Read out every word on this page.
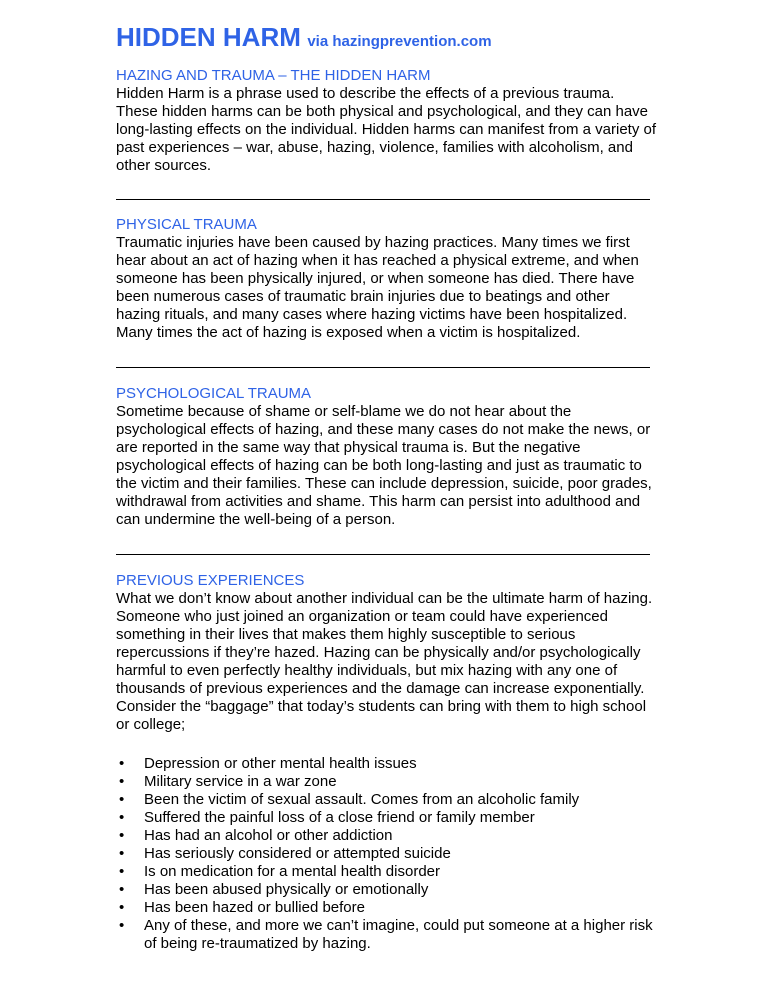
HIDDEN HARM via hazingprevention.com

HAZING AND TRAUMA – THE HIDDEN HARM

Hidden Harm is a phrase used to describe the effects of a previous trauma. These hidden harms can be both physical and psychological, and they can have long-lasting effects on the individual. Hidden harms can manifest from a variety of past experiences – war, abuse, hazing, violence, families with alcoholism, and other sources.

PHYSICAL TRAUMA

Traumatic injuries have been caused by hazing practices. Many times we first hear about an act of hazing when it has reached a physical extreme, and when someone has been physically injured, or when someone has died. There have been numerous cases of traumatic brain injuries due to beatings and other hazing rituals, and many cases where hazing victims have been hospitalized. Many times the act of hazing is exposed when a victim is hospitalized.

PSYCHOLOGICAL TRAUMA

Sometime because of shame or self-blame we do not hear about the psychological effects of hazing, and these many cases do not make the news, or are reported in the same way that physical trauma is. But the negative psychological effects of hazing can be both long-lasting and just as traumatic to the victim and their families. These can include depression, suicide, poor grades, withdrawal from activities and shame. This harm can persist into adulthood and can undermine the well-being of a person.

PREVIOUS EXPERIENCES

What we don’t know about another individual can be the ultimate harm of hazing. Someone who just joined an organization or team could have experienced something in their lives that makes them highly susceptible to serious repercussions if they’re hazed. Hazing can be physically and/or psychologically harmful to even perfectly healthy individuals, but mix hazing with any one of thousands of previous experiences and the damage can increase exponentially. Consider the “baggage” that today’s students can bring with them to high school or college;

• Depression or other mental health issues
• Military service in a war zone
• Been the victim of sexual assault. Comes from an alcoholic family
• Suffered the painful loss of a close friend or family member
• Has had an alcohol or other addiction
• Has seriously considered or attempted suicide
• Is on medication for a mental health disorder
• Has been abused physically or emotionally
• Has been hazed or bullied before
• Any of these, and more we can’t imagine, could put someone at a higher risk of being re-traumatized by hazing.
